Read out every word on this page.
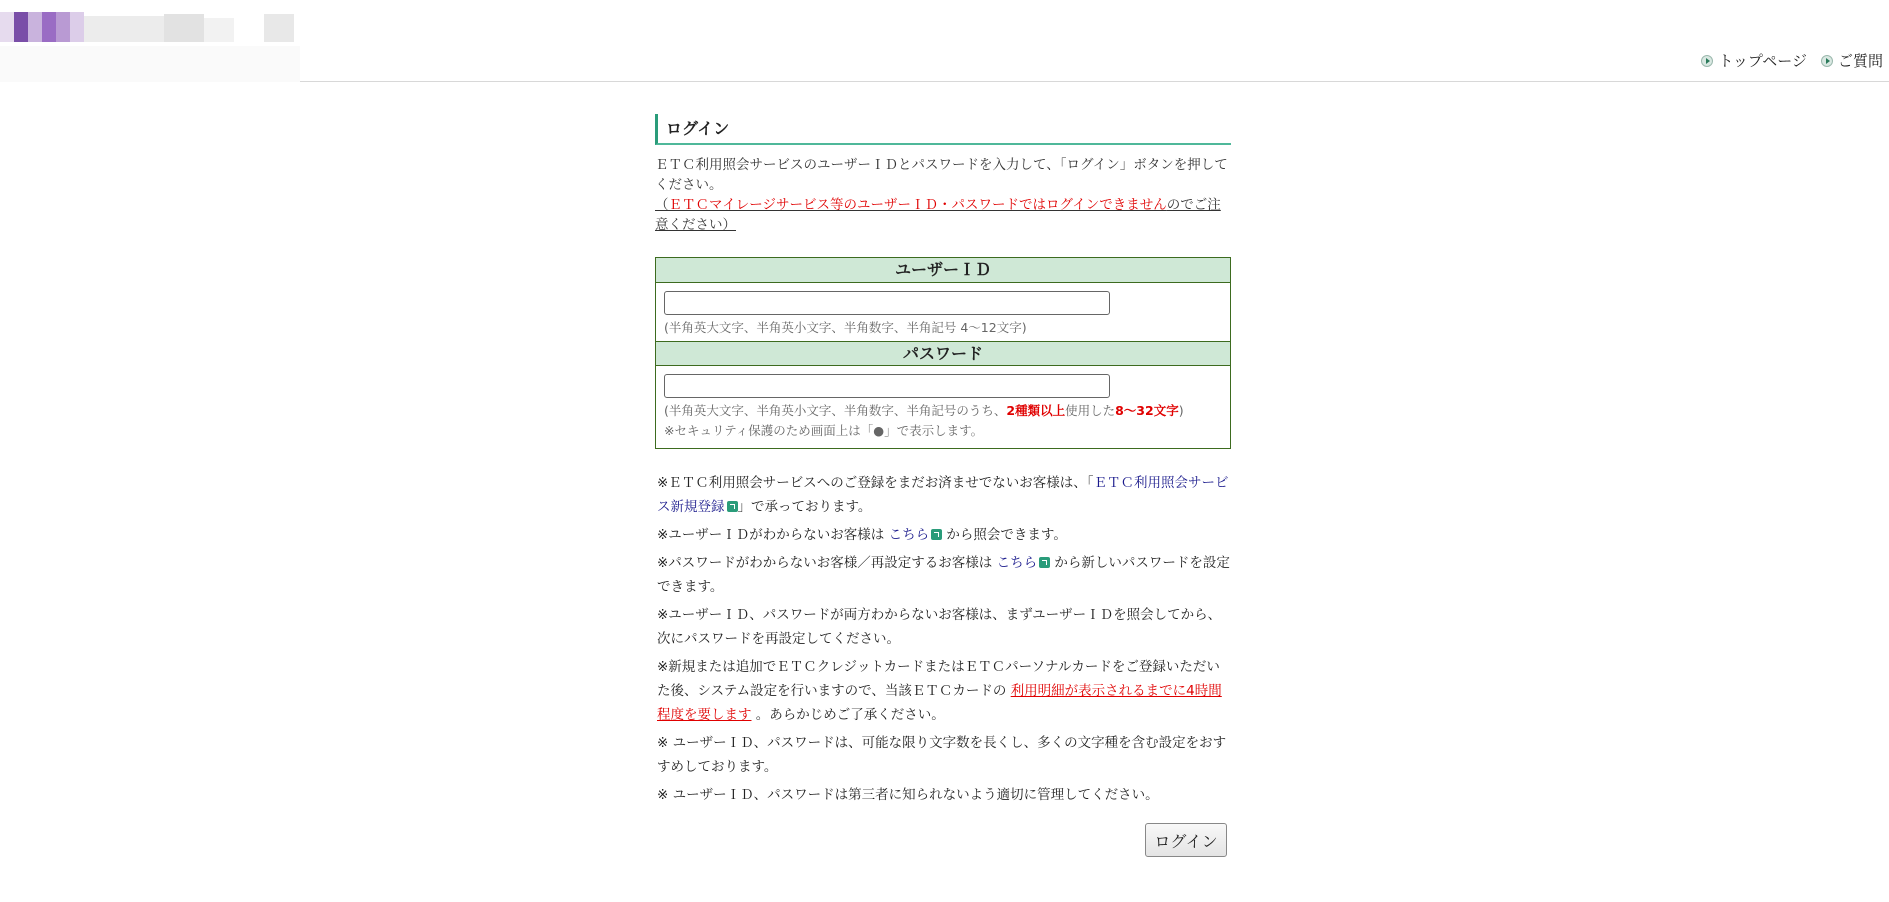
トップページ ご質問
ログイン
ＥＴＣ利用照会サービスのユーザーＩＤとパスワードを入力して、「ログイン」ボタンを押してください。
（ＥＴＣマイレージサービス等のユーザーＩＤ・パスワードではログインできませんのでご注意ください）
ユーザーＩＤ
(半角英大文字、半角英小文字、半角数字、半角記号 4～12文字)
パスワード
(半角英大文字、半角英小文字、半角数字、半角記号のうち、2種類以上使用した8～32文字)
※セキュリティ保護のため画面上は「●」で表示します。
※ＥＴＣ利用照会サービスへのご登録をまだお済ませでないお客様は、「ＥＴＣ利用照会サービス新規登録 」で承っております。
※ユーザーＩＤがわからないお客様は こちら から照会できます。
※パスワードがわからないお客様／再設定するお客様は こちら から新しいパスワードを設定できます。
※ユーザーＩＤ、パスワードが両方わからないお客様は、まずユーザーＩＤを照会してから、次にパスワードを再設定してください。
※新規または追加でＥＴＣクレジットカードまたはＥＴＣパーソナルカードをご登録いただいた後、システム設定を行いますので、当該ＥＴＣカードの 利用明細が表示されるまでに4時間程度を要します 。あらかじめご了承ください。
※ ユーザーＩＤ、パスワードは、可能な限り文字数を長くし、多くの文字種を含む設定をおすすめしております。
※ ユーザーＩＤ、パスワードは第三者に知られないよう適切に管理してください。
ログイン
